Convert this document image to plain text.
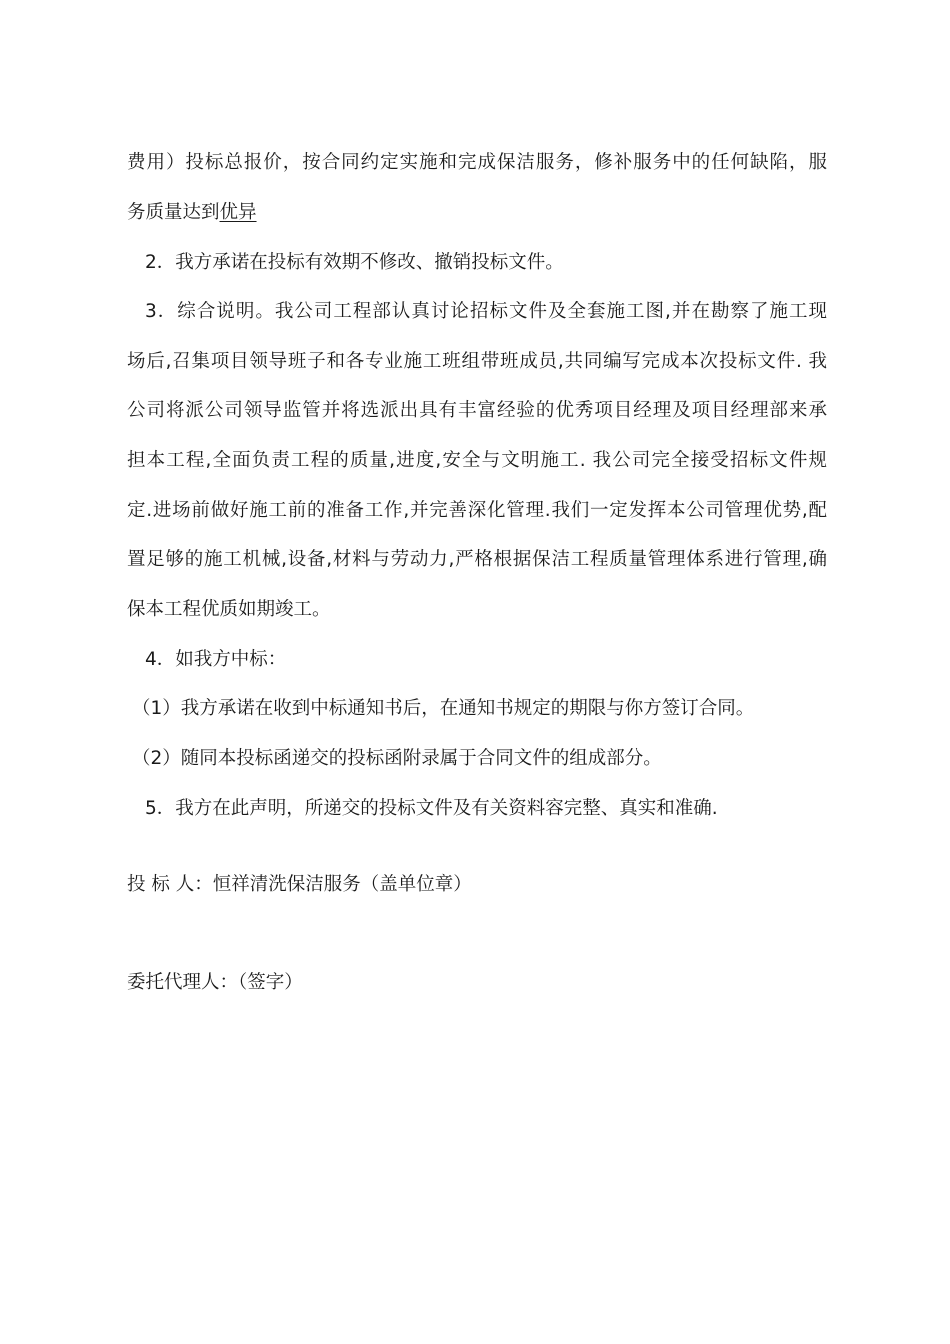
费用）投标总报价，按合同约定实施和完成保洁服务，修补服务中的任何缺陷，服
务质量达到优异
2．我方承诺在投标有效期不修改、撤销投标文件。
3．综合说明。我公司工程部认真讨论招标文件及全套施工图,并在勘察了施工现
场后,召集项目领导班子和各专业施工班组带班成员,共同编写完成本次投标文件. 我
公司将派公司领导监管并将选派出具有丰富经验的优秀项目经理及项目经理部来承
担本工程,全面负责工程的质量,进度,安全与文明施工. 我公司完全接受招标文件规
定.进场前做好施工前的准备工作,并完善深化管理.我们一定发挥本公司管理优势,配
置足够的施工机械,设备,材料与劳动力,严格根据保洁工程质量管理体系进行管理,确
保本工程优质如期竣工。
4．如我方中标：
（1）我方承诺在收到中标通知书后，在通知书规定的期限与你方签订合同。
（2）随同本投标函递交的投标函附录属于合同文件的组成部分。
5．我方在此声明，所递交的投标文件及有关资料容完整、真实和准确.
投 标 人：恒祥清洗保洁服务（盖单位章）
委托代理人：（签字）
